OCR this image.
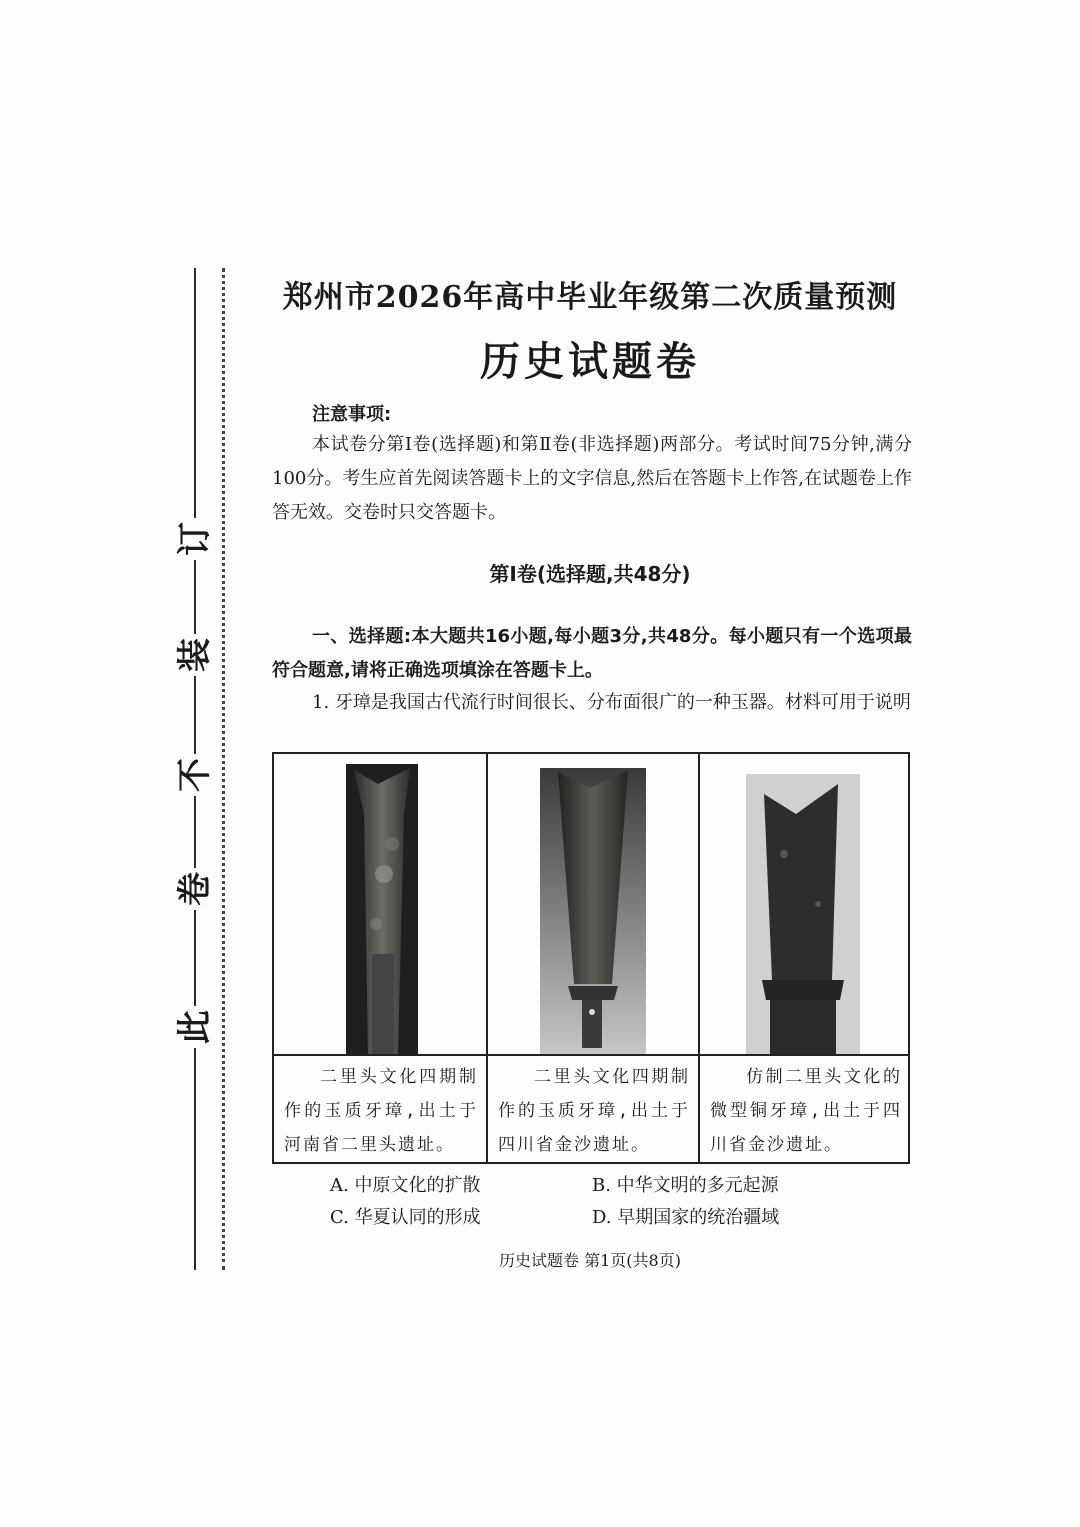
此
卷
不
装
订
郑州市2026年高中毕业年级第二次质量预测
历史试题卷
注意事项:
本试卷分第Ⅰ卷(选择题)和第Ⅱ卷(非选择题)两部分。考试时间75分钟,满分100分。考生应首先阅读答题卡上的文字信息,然后在答题卡上作答,在试题卷上作答无效。交卷时只交答题卡。
第Ⅰ卷(选择题,共48分)
一、选择题:本大题共16小题,每小题3分,共48分。每小题只有一个选项最符合题意,请将正确选项填涂在答题卡上。
1. 牙璋是我国古代流行时间很长、分布面很广的一种玉器。材料可用于说明
二里头文化四期制作的玉质牙璋,出土于河南省二里头遗址。
二里头文化四期制作的玉质牙璋,出土于四川省金沙遗址。
仿制二里头文化的微型铜牙璋,出土于四川省金沙遗址。
A. 中原文化的扩散	B. 中华文明的多元起源
C. 华夏认同的形成	D. 早期国家的统治疆域
历史试题卷 第1页(共8页)
